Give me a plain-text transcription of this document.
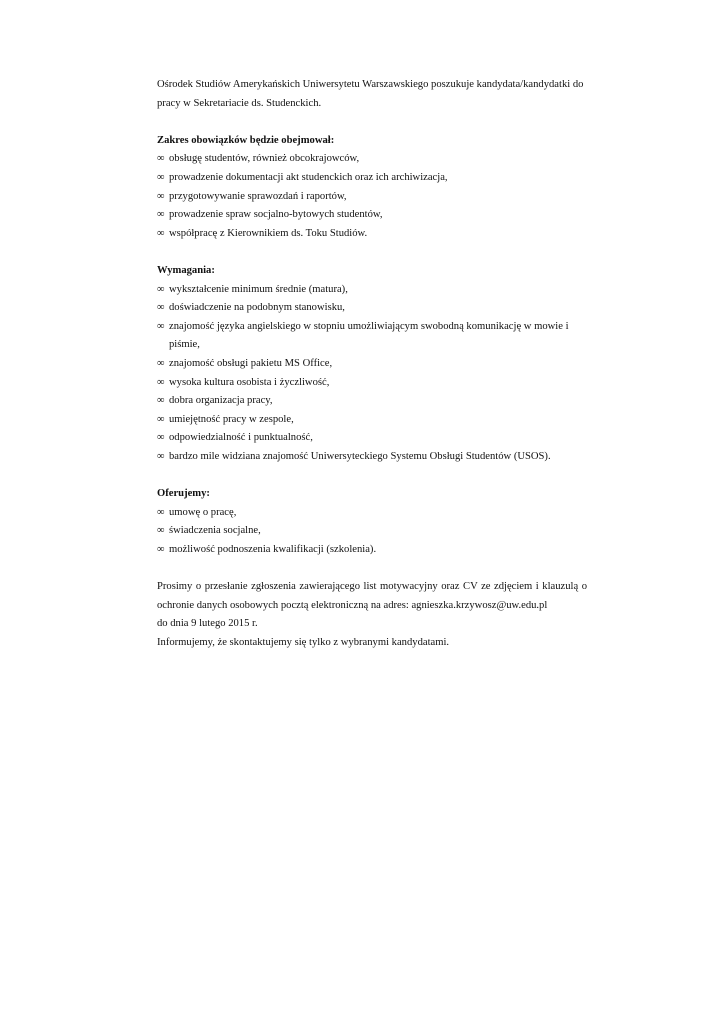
Ośrodek Studiów Amerykańskich Uniwersytetu Warszawskiego poszukuje kandydata/kandydatki do pracy w Sekretariacie ds. Studenckich.

Zakres obowiązków będzie obejmował:

∞ obsługę studentów, również obcokrajowców,
∞ prowadzenie dokumentacji akt studenckich oraz ich archiwizacja,
∞ przygotowywanie sprawozdań i raportów,
∞ prowadzenie spraw socjalno-bytowych studentów,
∞ współpracę z Kierownikiem ds. Toku Studiów.

Wymagania:

∞ wykształcenie minimum średnie (matura),
∞ doświadczenie na podobnym stanowisku,
∞ znajomość języka angielskiego w stopniu umożliwiającym swobodną komunikację w mowie i piśmie,
∞ znajomość obsługi pakietu MS Office,
∞ wysoka kultura osobista i życzliwość,
∞ dobra organizacja pracy,
∞ umiejętność pracy w zespole,
∞ odpowiedzialność i punktualność,
∞ bardzo mile widziana znajomość Uniwersyteckiego Systemu Obsługi Studentów (USOS).

Oferujemy:

∞ umowę o pracę,
∞ świadczenia socjalne,
∞ możliwość podnoszenia kwalifikacji (szkolenia).

Prosimy o przesłanie zgłoszenia zawierającego list motywacyjny oraz CV ze zdjęciem i klauzulą o ochronie danych osobowych pocztą elektroniczną na adres: agnieszka.krzywosz@uw.edu.pl

do dnia 9 lutego 2015 r.

Informujemy, że skontaktujemy się tylko z wybranymi kandydatami.
